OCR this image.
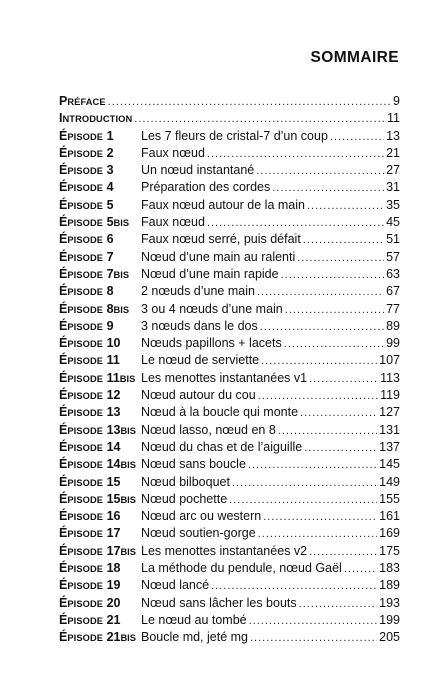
SOMMAIRE
PRÉFACE .....	9
INTRODUCTION .....	11
ÉPISODE 1	Les 7 fleurs de cristal-7 d’un coup .....	13
ÉPISODE 2	Faux nœud .....	21
ÉPISODE 3	Un nœud instantané .....	27
ÉPISODE 4	Préparation des cordes .....	31
ÉPISODE 5	Faux nœud autour de la main .....	35
ÉPISODE 5BIS Faux nœud .....	45
ÉPISODE 6	Faux nœud serré, puis défait .....	51
ÉPISODE 7	Nœud d’une main au ralenti .....	57
ÉPISODE 7BIS Nœud d’une main rapide .....	63
ÉPISODE 8	2 nœuds d’une main .....	67
ÉPISODE 8BIS 3 ou 4 nœuds d’une main .....	77
ÉPISODE 9	3 nœuds dans le dos .....	89
ÉPISODE 10	Nœuds papillons + lacets .....	99
ÉPISODE 11	Le nœud de serviette .....	107
ÉPISODE 11BIS Les menottes instantanées v1 .....	113
ÉPISODE 12	Nœud autour du cou .....	119
ÉPISODE 13	Nœud à la boucle qui monte .....	127
ÉPISODE 13BIS Nœud lasso, nœud en 8 .....	131
ÉPISODE 14	Nœud du chas et de l’aiguille .....	137
ÉPISODE 14BIS Nœud sans boucle .....	145
ÉPISODE 15	Nœud bilboquet .....	149
ÉPISODE 15BIS Nœud pochette .....	155
ÉPISODE 16	Nœud arc ou western .....	161
ÉPISODE 17	Nœud soutien-gorge .....	169
ÉPISODE 17BIS Les menottes instantanées v2 .....	175
ÉPISODE 18	La méthode du pendule, nœud Gaël .....	183
ÉPISODE 19	Nœud lancé .....	189
ÉPISODE 20	Nœud sans lâcher les bouts .....	193
ÉPISODE 21	Le nœud au tombé .....	199
ÉPISODE 21BIS Boucle md, jeté mg .....	205
